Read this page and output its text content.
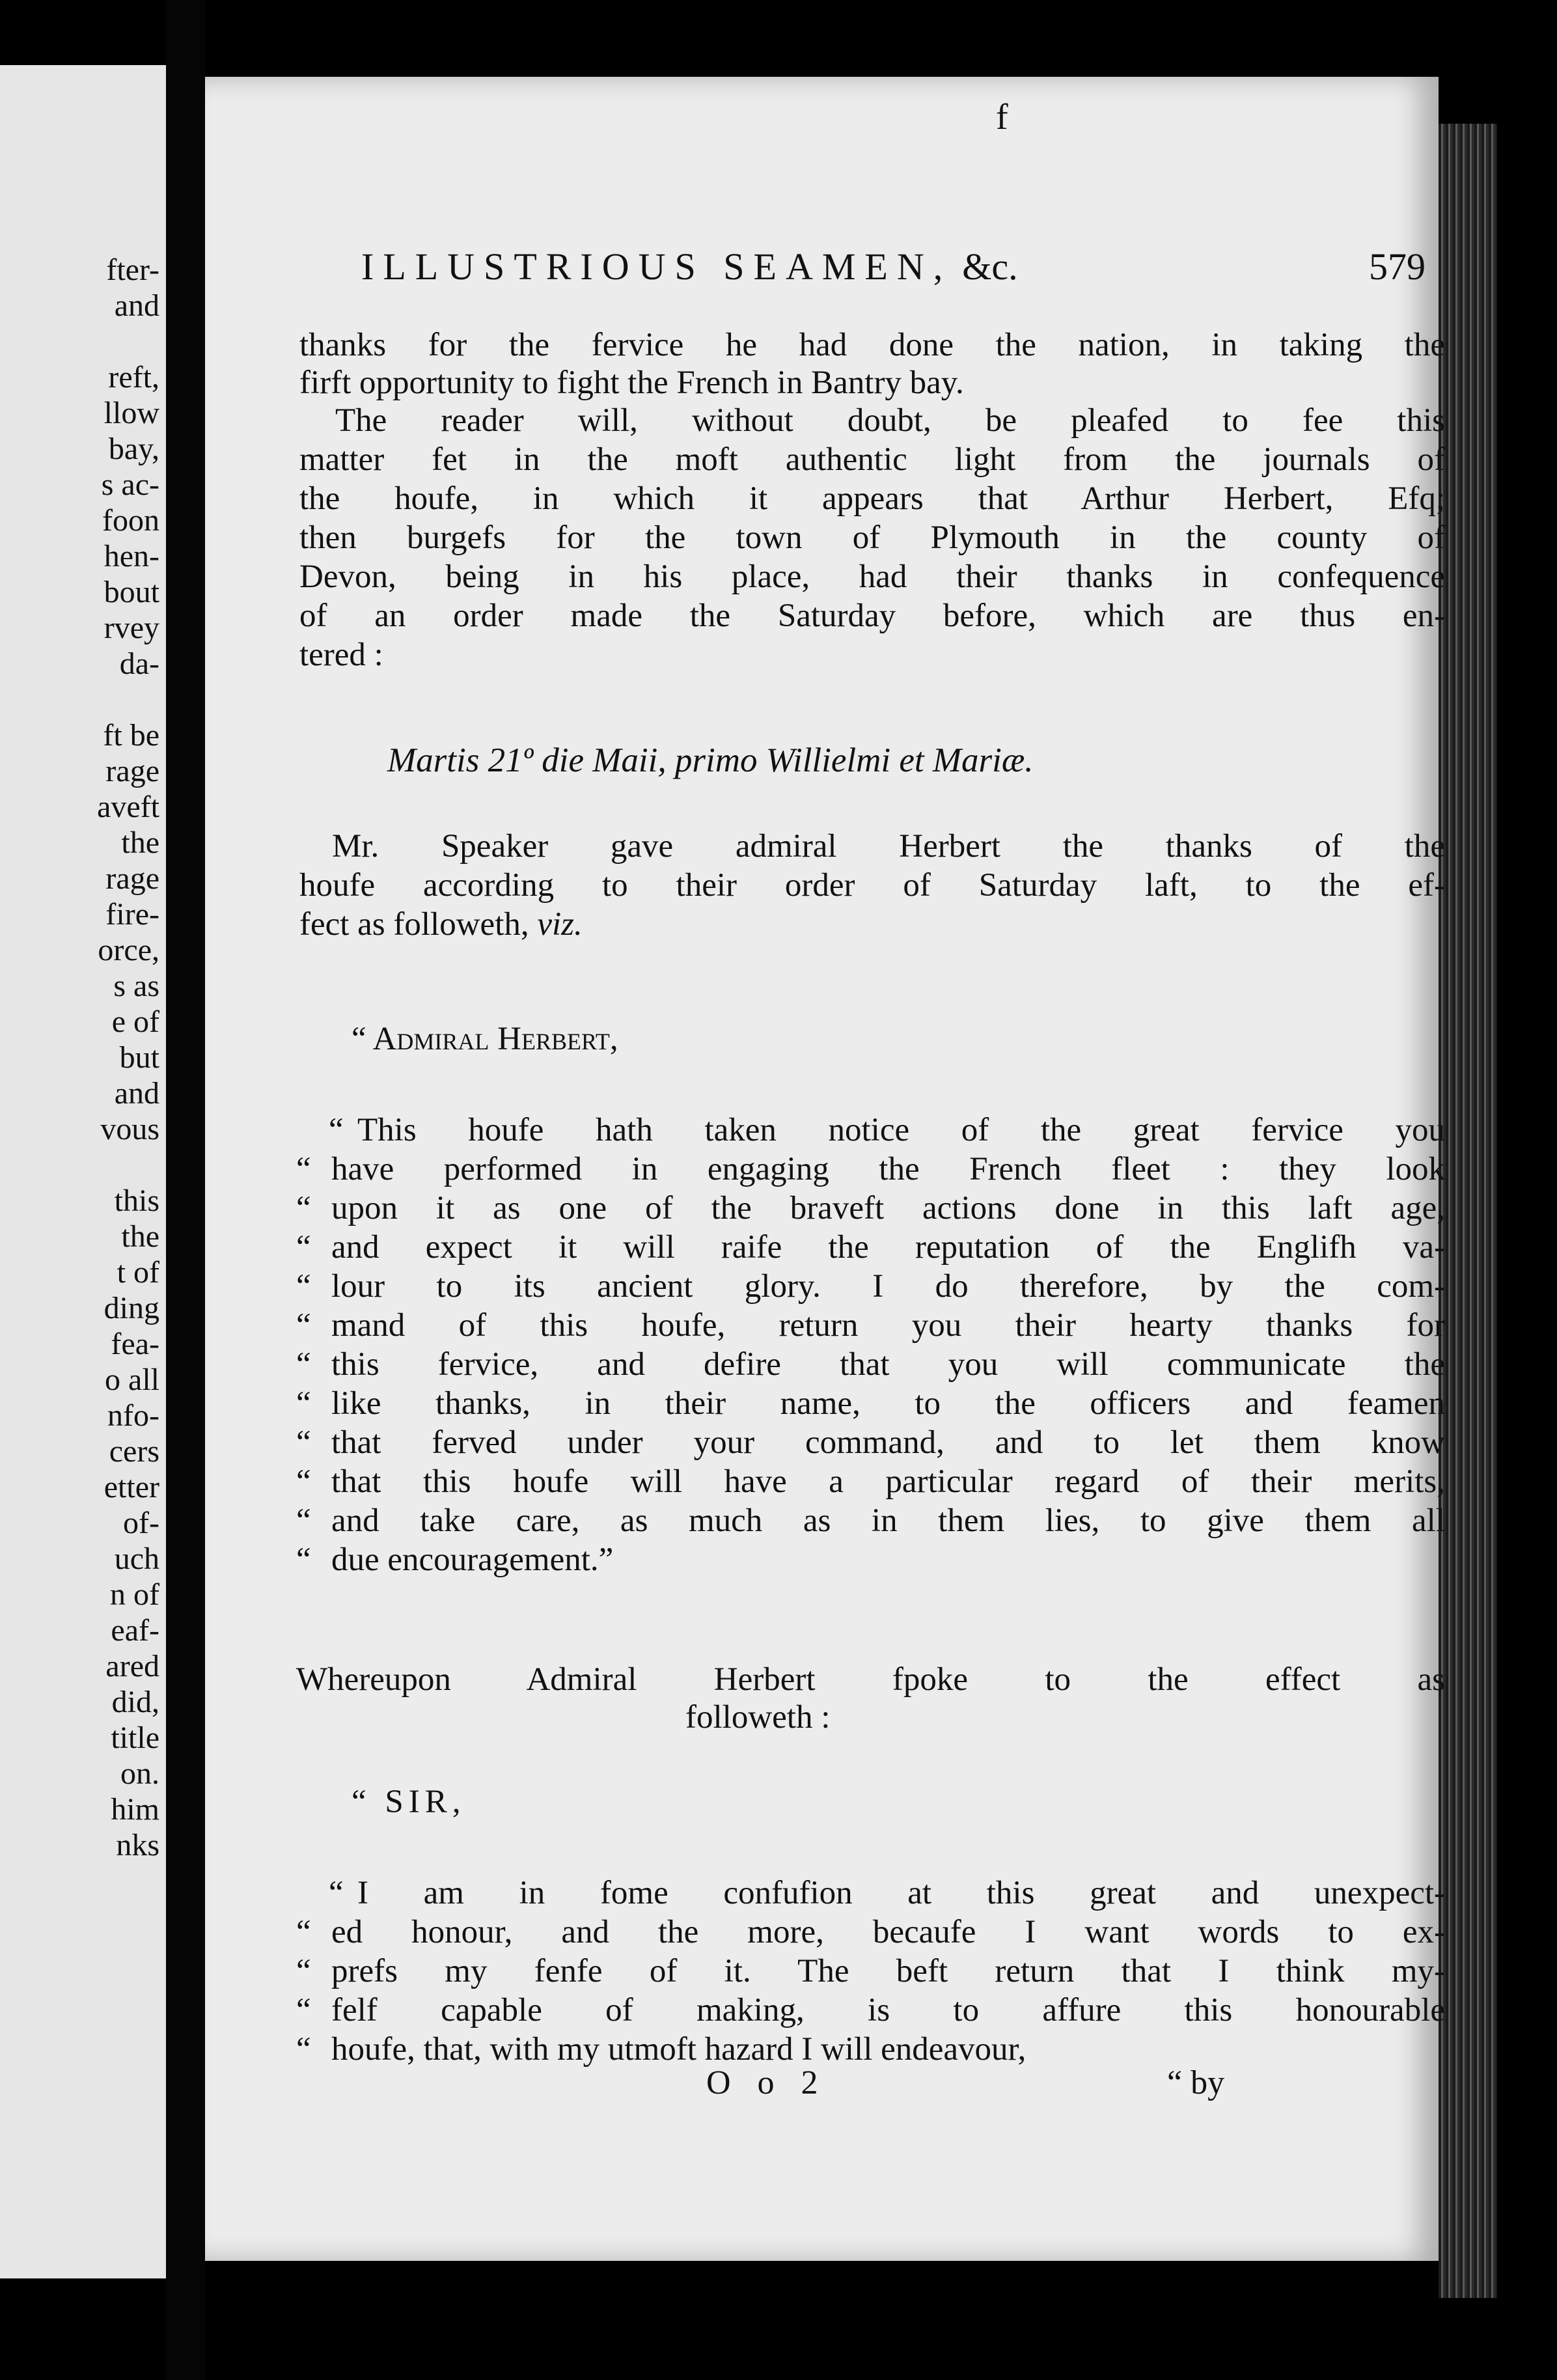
fter-
and
reft,
llow
bay,
s ac-
foon
hen-
bout
rvey
da-
ft be
rage
aveft
the
rage
fire-
orce,
s as
e of
but
and
vous
this
the
t of
ding
fea-
o all
nfo-
cers
etter
of-
uch
n of
eaf-
ared
did,
title
on.
him
nks
f
ILLUSTRIOUS SEAMEN, &c.	579
thanks for the fervice he had done the nation, in taking the
firft opportunity to fight the French in Bantry bay.
The reader will, without doubt, be pleafed to fee this
matter fet in the moft authentic light from the journals of
the houfe, in which it appears that Arthur Herbert, Efq;
then burgefs for the town of Plymouth in the county of
Devon, being in his place, had their thanks in confequence
of an order made the Saturday before, which are thus en-
tered :
Martis 21º die Maii, primo Willielmi et Mariæ.
Mr. Speaker gave admiral Herbert the thanks of the
houfe according to their order of Saturday laft, to the ef-
fect as followeth, viz.
“ Admiral Herbert,
Whereupon Admiral Herbert fpoke to the effect as
followeth :
“ SIR,
O o 2	“ by
“ This houfe hath taken notice of the great fervice you
“ have performed in engaging the French fleet : they look
“ upon it as one of the braveft actions done in this laft age,
“ and expect it will raife the reputation of the Englifh va-
“ lour to its ancient glory. I do therefore, by the com-
“ mand of this houfe, return you their hearty thanks for
“ this fervice, and defire that you will communicate the
“ like thanks, in their name, to the officers and feamen
“ that ferved under your command, and to let them know
“ that this houfe will have a particular regard of their merits,
“ and take care, as much as in them lies, to give them all
“ due encouragement.”
“ I am in fome confufion at this great and unexpect-
“ ed honour, and the more, becaufe I want words to ex-
“ prefs my fenfe of it. The beft return that I think my-
“ felf capable of making, is to affure this honourable
“ houfe, that, with my utmoft hazard I will endeavour,
